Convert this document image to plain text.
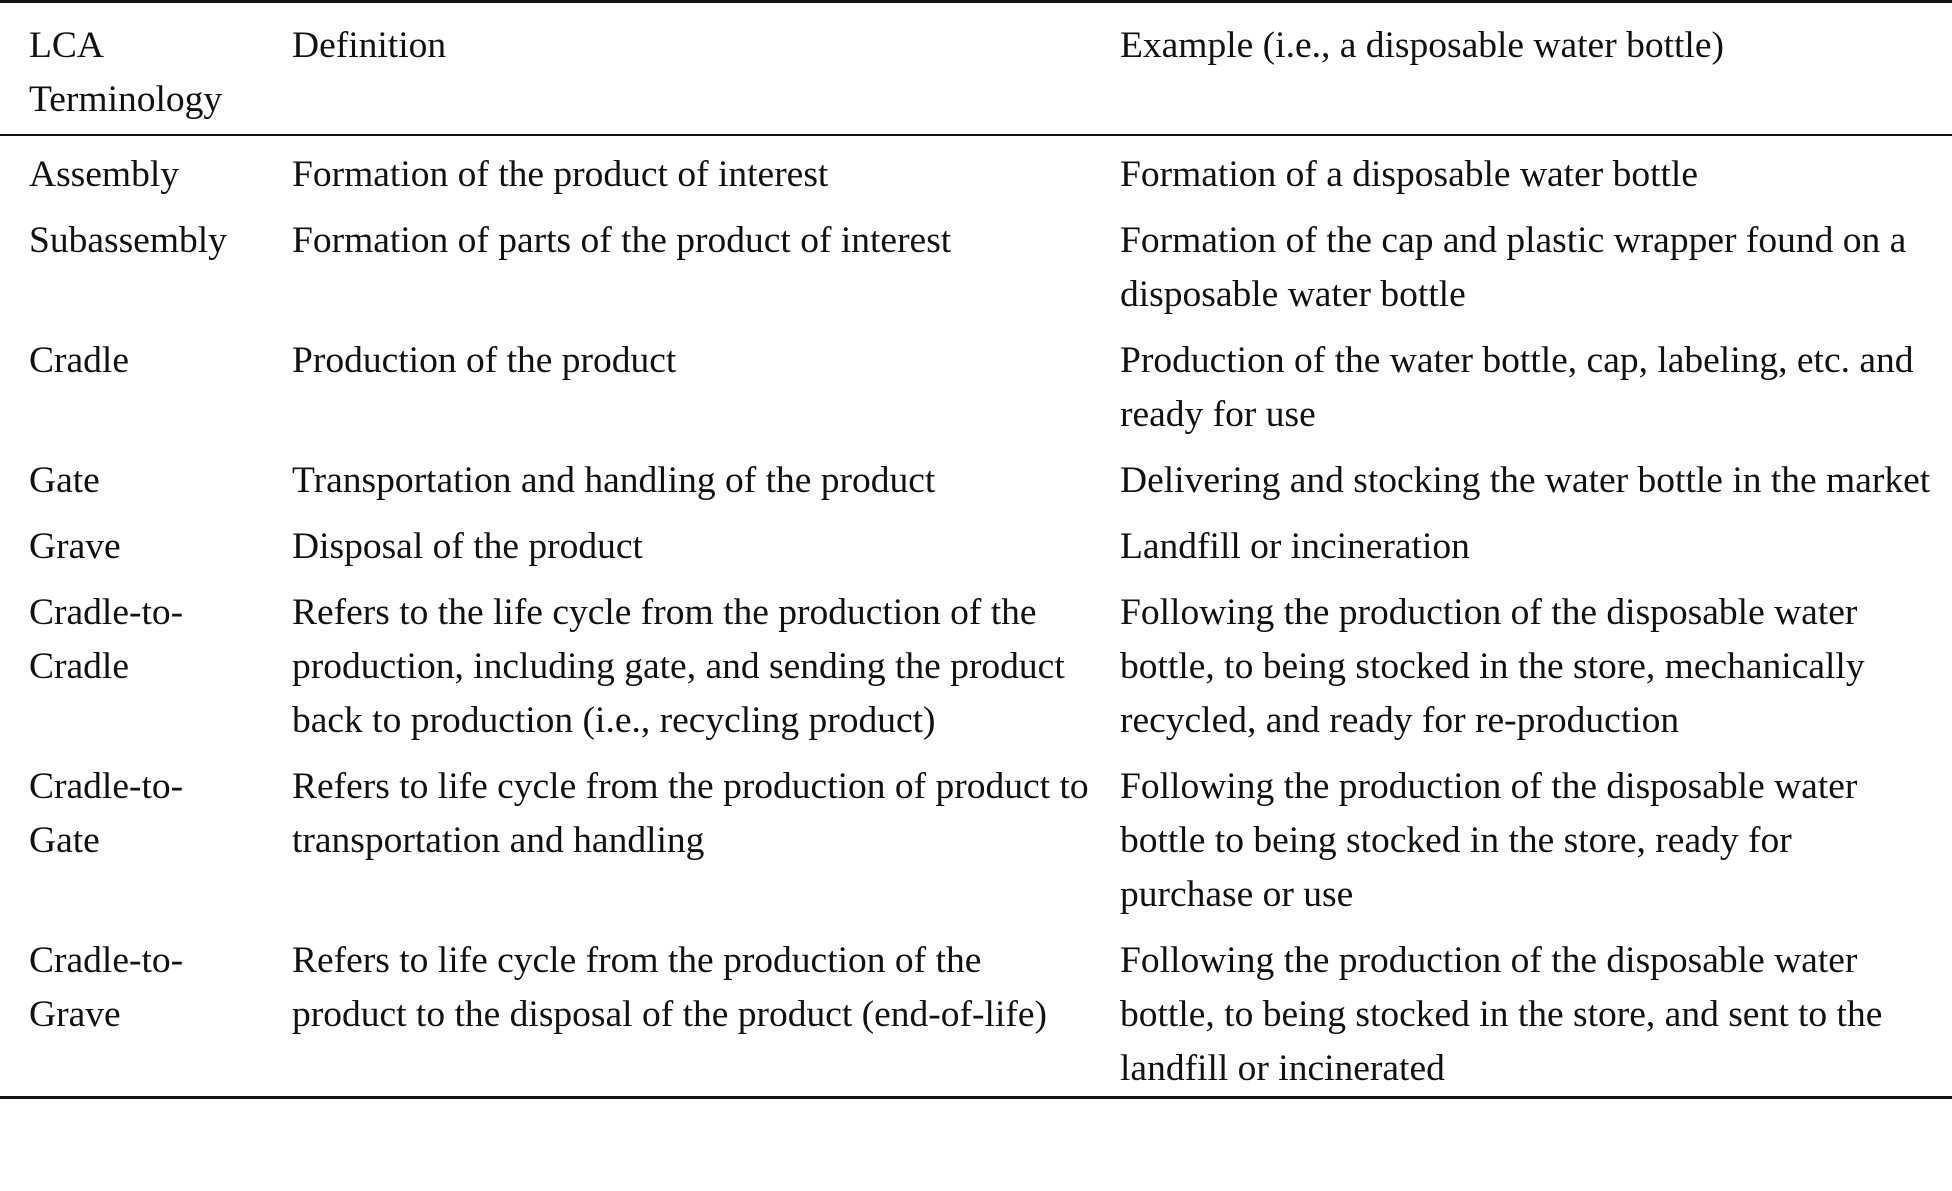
LCA Terminology	Definition	Example (i.e., a disposable water bottle)
Assembly	Formation of the product of interest	Formation of a disposable water bottle
Subassembly	Formation of parts of the product of interest	Formation of the cap and plastic wrapper found on a disposable water bottle

Cradle	Production of the product	Production of the water bottle, cap, labeling, etc. and ready for use
Gate	Transportation and handling of the product	Delivering and stocking the water bottle in the market
Grave	Disposal of the product	Landfill or incineration

Cradle-to-Cradle	Refers to the life cycle from the production of the production, including gate, and sending the product back to production (i.e., recycling product)	Following the production of the disposable water bottle, to being stocked in the store, mechanically recycled, and ready for re-production

Cradle-to-Gate	Refers to life cycle from the production of product to transportation and handling	Following the production of the disposable water bottle to being stocked in the store, ready for purchase or use

Cradle-to-Grave	Refers to life cycle from the production of the product to the disposal of the product (end-of-life)	Following the production of the disposable water bottle, to being stocked in the store, and sent to the landfill or incinerated
